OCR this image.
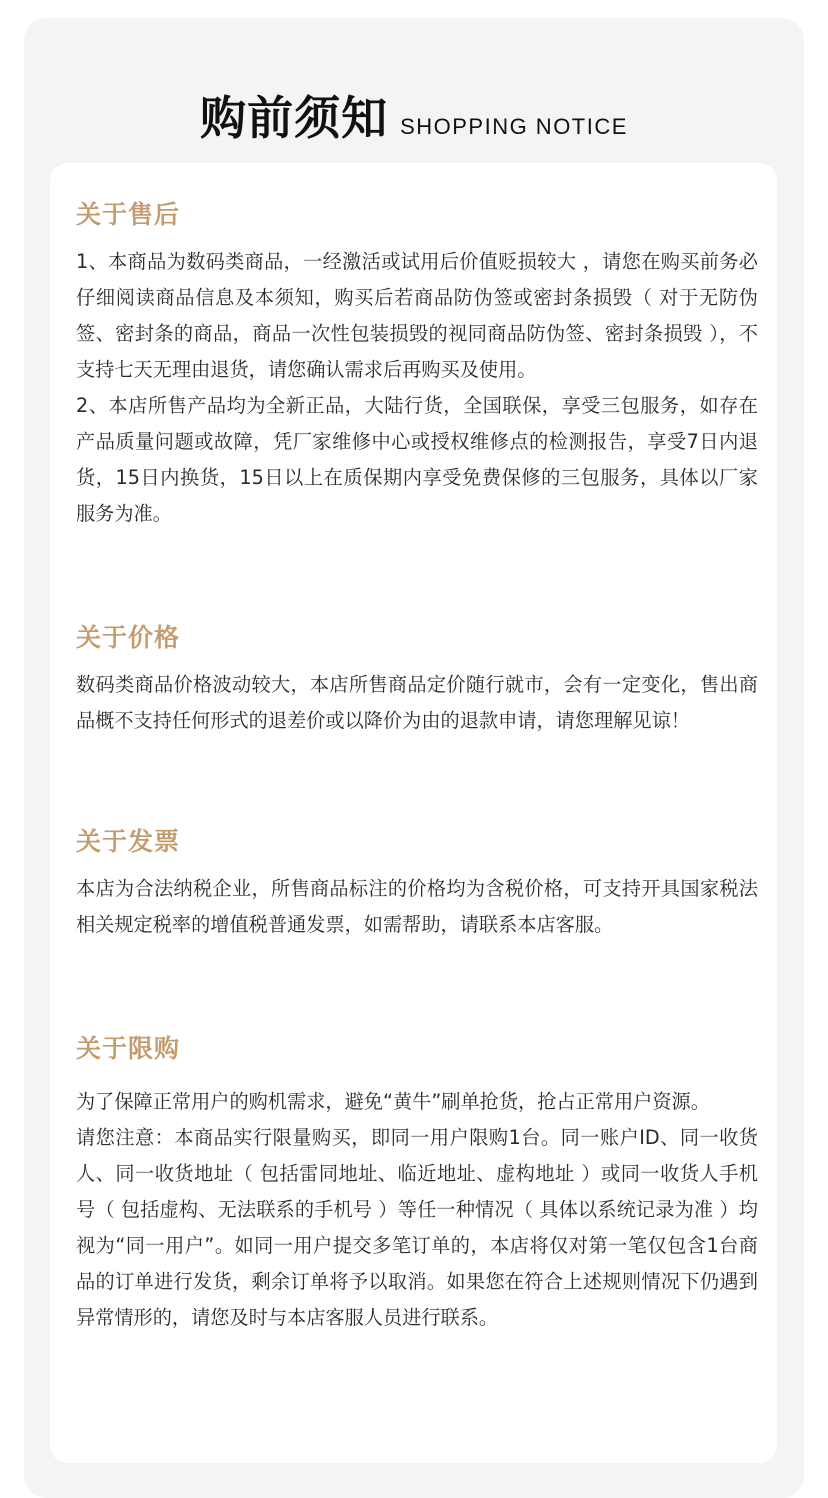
购前须知 SHOPPING NOTICE

关于售后

1、本商品为数码类商品，一经激活或试用后价值贬损较大 ，请您在购买前务必仔细阅读商品信息及本须知，购买后若商品防伪签或密封条损毁（ 对于无防伪签、密封条的商品，商品一次性包装损毁的视同商品防伪签、密封条损毁 ），不支持七天无理由退货，请您确认需求后再购买及使用。

2、本店所售产品均为全新正品，大陆行货，全国联保，享受三包服务，如存在产品质量问题或故障，凭厂家维修中心或授权维修点的检测报告，享受7日内退货，15日内换货，15日以上在质保期内享受免费保修的三包服务，具体以厂家服务为准。

关于价格

数码类商品价格波动较大，本店所售商品定价随行就市，会有一定变化，售出商品概不支持任何形式的退差价或以降价为由的退款申请，请您理解见谅！

关于发票

本店为合法纳税企业，所售商品标注的价格均为含税价格，可支持开具国家税法相关规定税率的增值税普通发票，如需帮助，请联系本店客服。

关于限购

为了保障正常用户的购机需求，避免“黄牛”刷单抢货，抢占正常用户资源。

请您注意：本商品实行限量购买，即同一用户限购1台。同一账户ID、同一收货人、同一收货地址（ 包括雷同地址、临近地址、虚构地址 ）或同一收货人手机号（ 包括虚构、无法联系的手机号 ）等任一种情况（ 具体以系统记录为准 ）均视为“同一用户”。如同一用户提交多笔订单的，本店将仅对第一笔仅包含1台商品的订单进行发货，剩余订单将予以取消。如果您在符合上述规则情况下仍遇到异常情形的，请您及时与本店客服人员进行联系。
